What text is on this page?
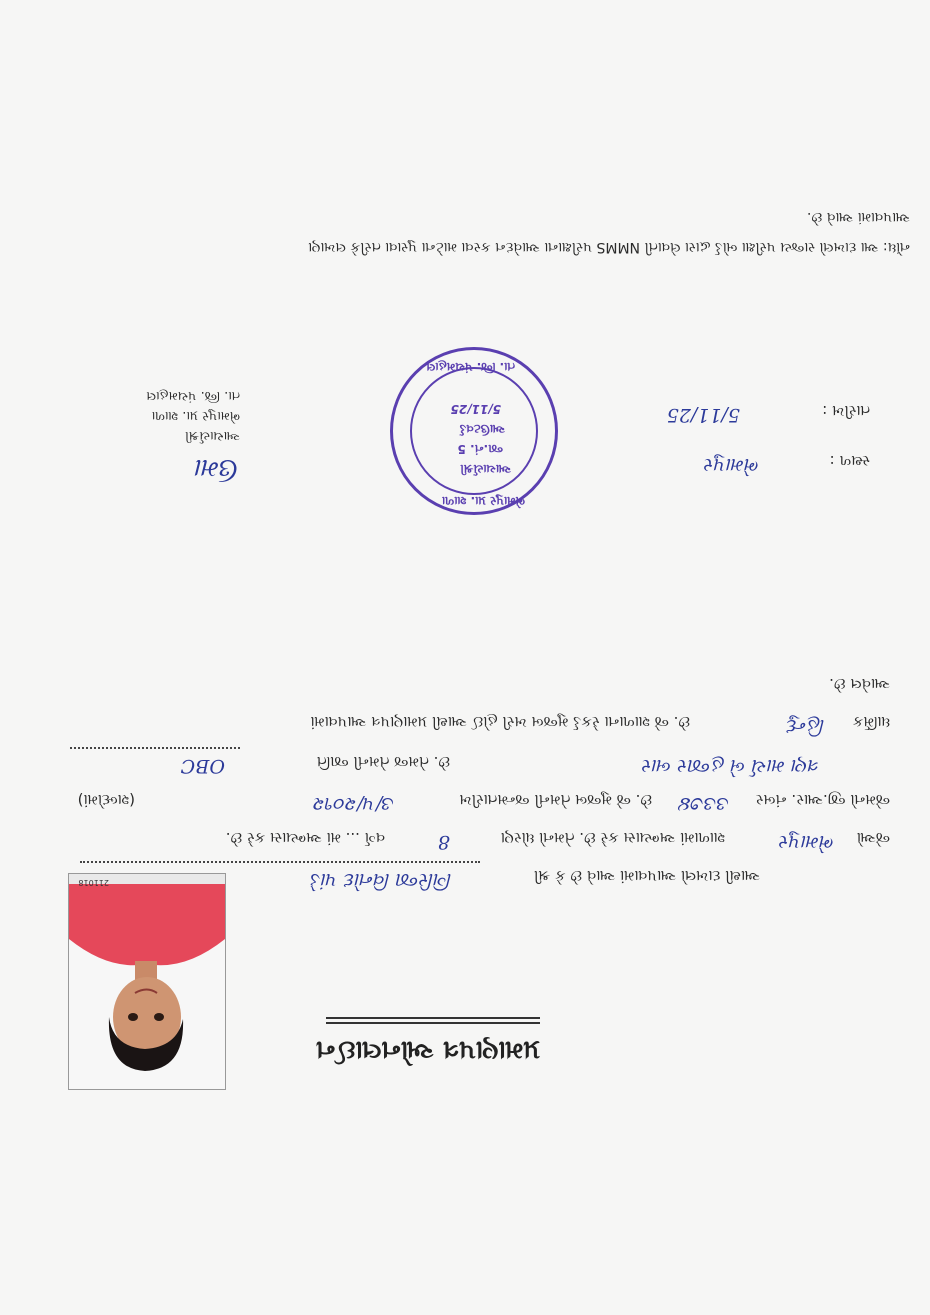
પ્રમાણપત્ર ઓનલાઈન
211018	આથી દાખલો આપવામાં આવે છે કે શ્રી
ગિરિજા વિનોદ પાંડે
જેઓ
ભેમાપુર
શાળામાં અભ્યાસ કરે છે. તેમનો ધોરણ
8
વર્ગ ... માં અભ્યાસ કરે છે.
જેમનો જી.આર. નંબર
૩૩૭૪
છે. જે મુજબ તેમની જન્મતારીખ
૩/૫/૨૦૧૨
(શબ્દોમાં)
ત્રણ માર્ચ બે હજાર બાર
છે. તેમજ તેમની જાતિ
OBC
ધાર્મિક
હિન્દુ
છે. જે શાળાના રેકર્ડ મુજબ ખરી હોઈ આથી પ્રમાણપત્ર આપવામાં
આવેલ છે.
ઉમા
આચાર્યશ્રી
ભેમાપુર પ્રા. શાળા
તા. જિ. પંચમહાલ
ભેમાપુર પ્રા. શાળા
આચાર્યશ્રી
જા.નં. 5
આઉટવર્ડ
5/11/25
તા. જિ. પંચમહાલ
સ્થળ :
ભેમાપુર
તારીખ :
5/11/25
નોંધ: આ દાખલો રાજ્ય પરીક્ષા બોર્ડ દ્વારા લેવાતી NMMS પરીક્ષાના આવેદન કરવા માટેના પુરાવા તરીકે લખાણ
આપવામાં આવે છે.
